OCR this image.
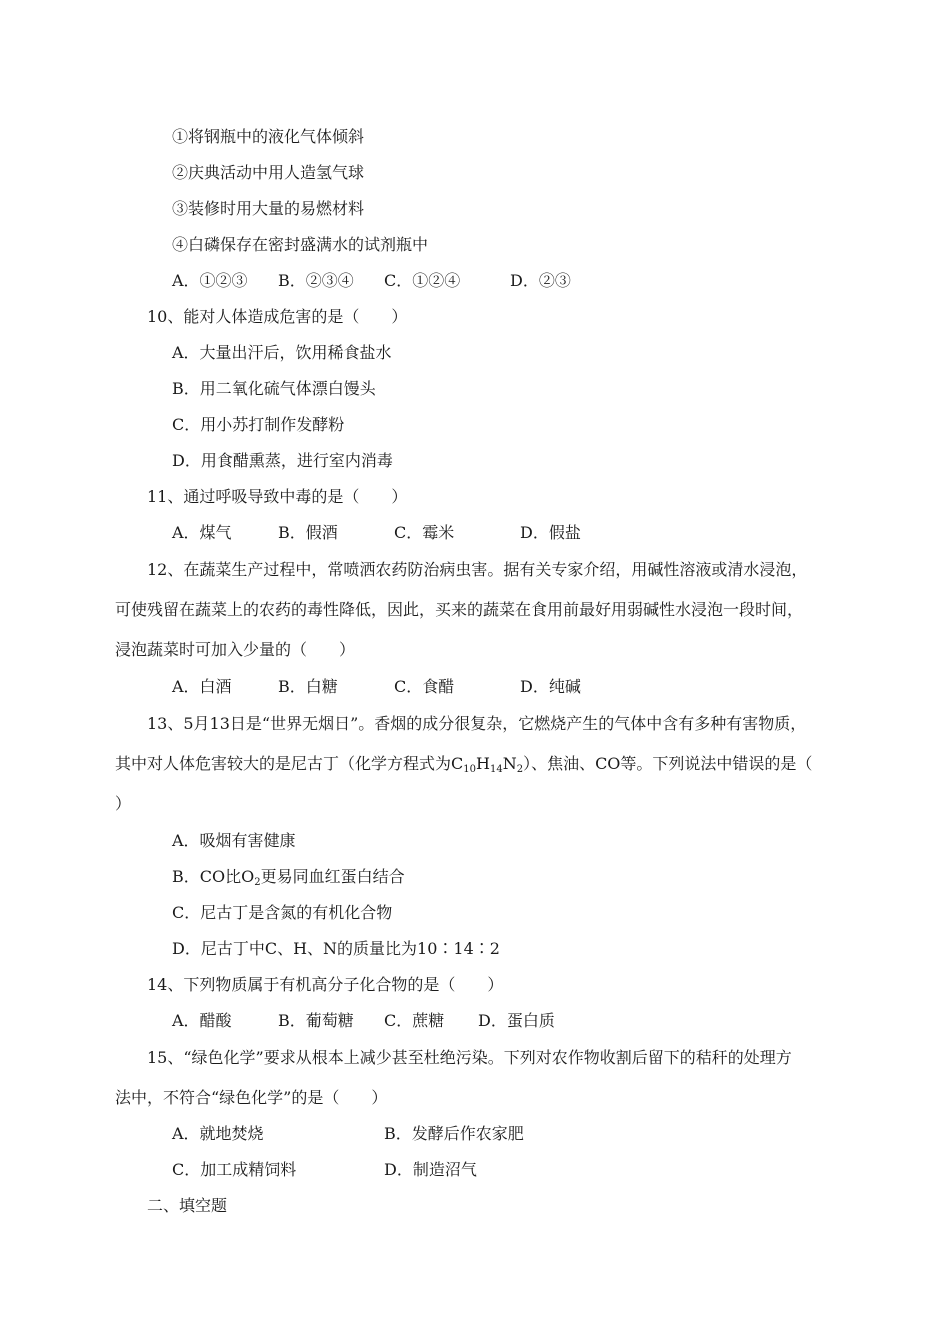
①将钢瓶中的液化气体倾斜
②庆典活动中用人造氢气球
③装修时用大量的易燃材料
④白磷保存在密封盛满水的试剂瓶中
A．①②③ B．②③④ C．①②④	D．②③
10、能对人体造成危害的是（　　）
A．大量出汗后，饮用稀食盐水
B．用二氧化硫气体漂白馒头
C．用小苏打制作发酵粉
D．用食醋熏蒸，进行室内消毒
11、通过呼吸导致中毒的是（　　）
A．煤气	B．假酒	C．霉米	D．假盐
12、在蔬菜生产过程中，常喷洒农药防治病虫害。据有关专家介绍，用碱性溶液或清水浸泡，
可使残留在蔬菜上的农药的毒性降低，因此，买来的蔬菜在食用前最好用弱碱性水浸泡一段时间，
浸泡蔬菜时可加入少量的（　　）
A．白酒	B．白糖	C．食醋	D．纯碱
13、5月13日是“世界无烟日”。香烟的成分很复杂，它燃烧产生的气体中含有多种有害物质，
其中对人体危害较大的是尼古丁（化学方程式为$C_{10}H_{14}N_2$）、焦油、CO等。下列说法中错误的是（
）
A．吸烟有害健康
B．CO比$O_2$更易同血红蛋白结合
C．尼古丁是含氮的有机化合物
D．尼古丁中C、H、N的质量比为10∶14∶2
14、下列物质属于有机高分子化合物的是（　　）
A．醋酸	B．葡萄糖 C．蔗糖 D．蛋白质
15、“绿色化学”要求从根本上减少甚至杜绝污染。下列对农作物收割后留下的秸秆的处理方
法中，不符合“绿色化学”的是（　　）
A．就地焚烧	B．发酵后作农家肥
C．加工成精饲料	D．制造沼气
二、填空题
